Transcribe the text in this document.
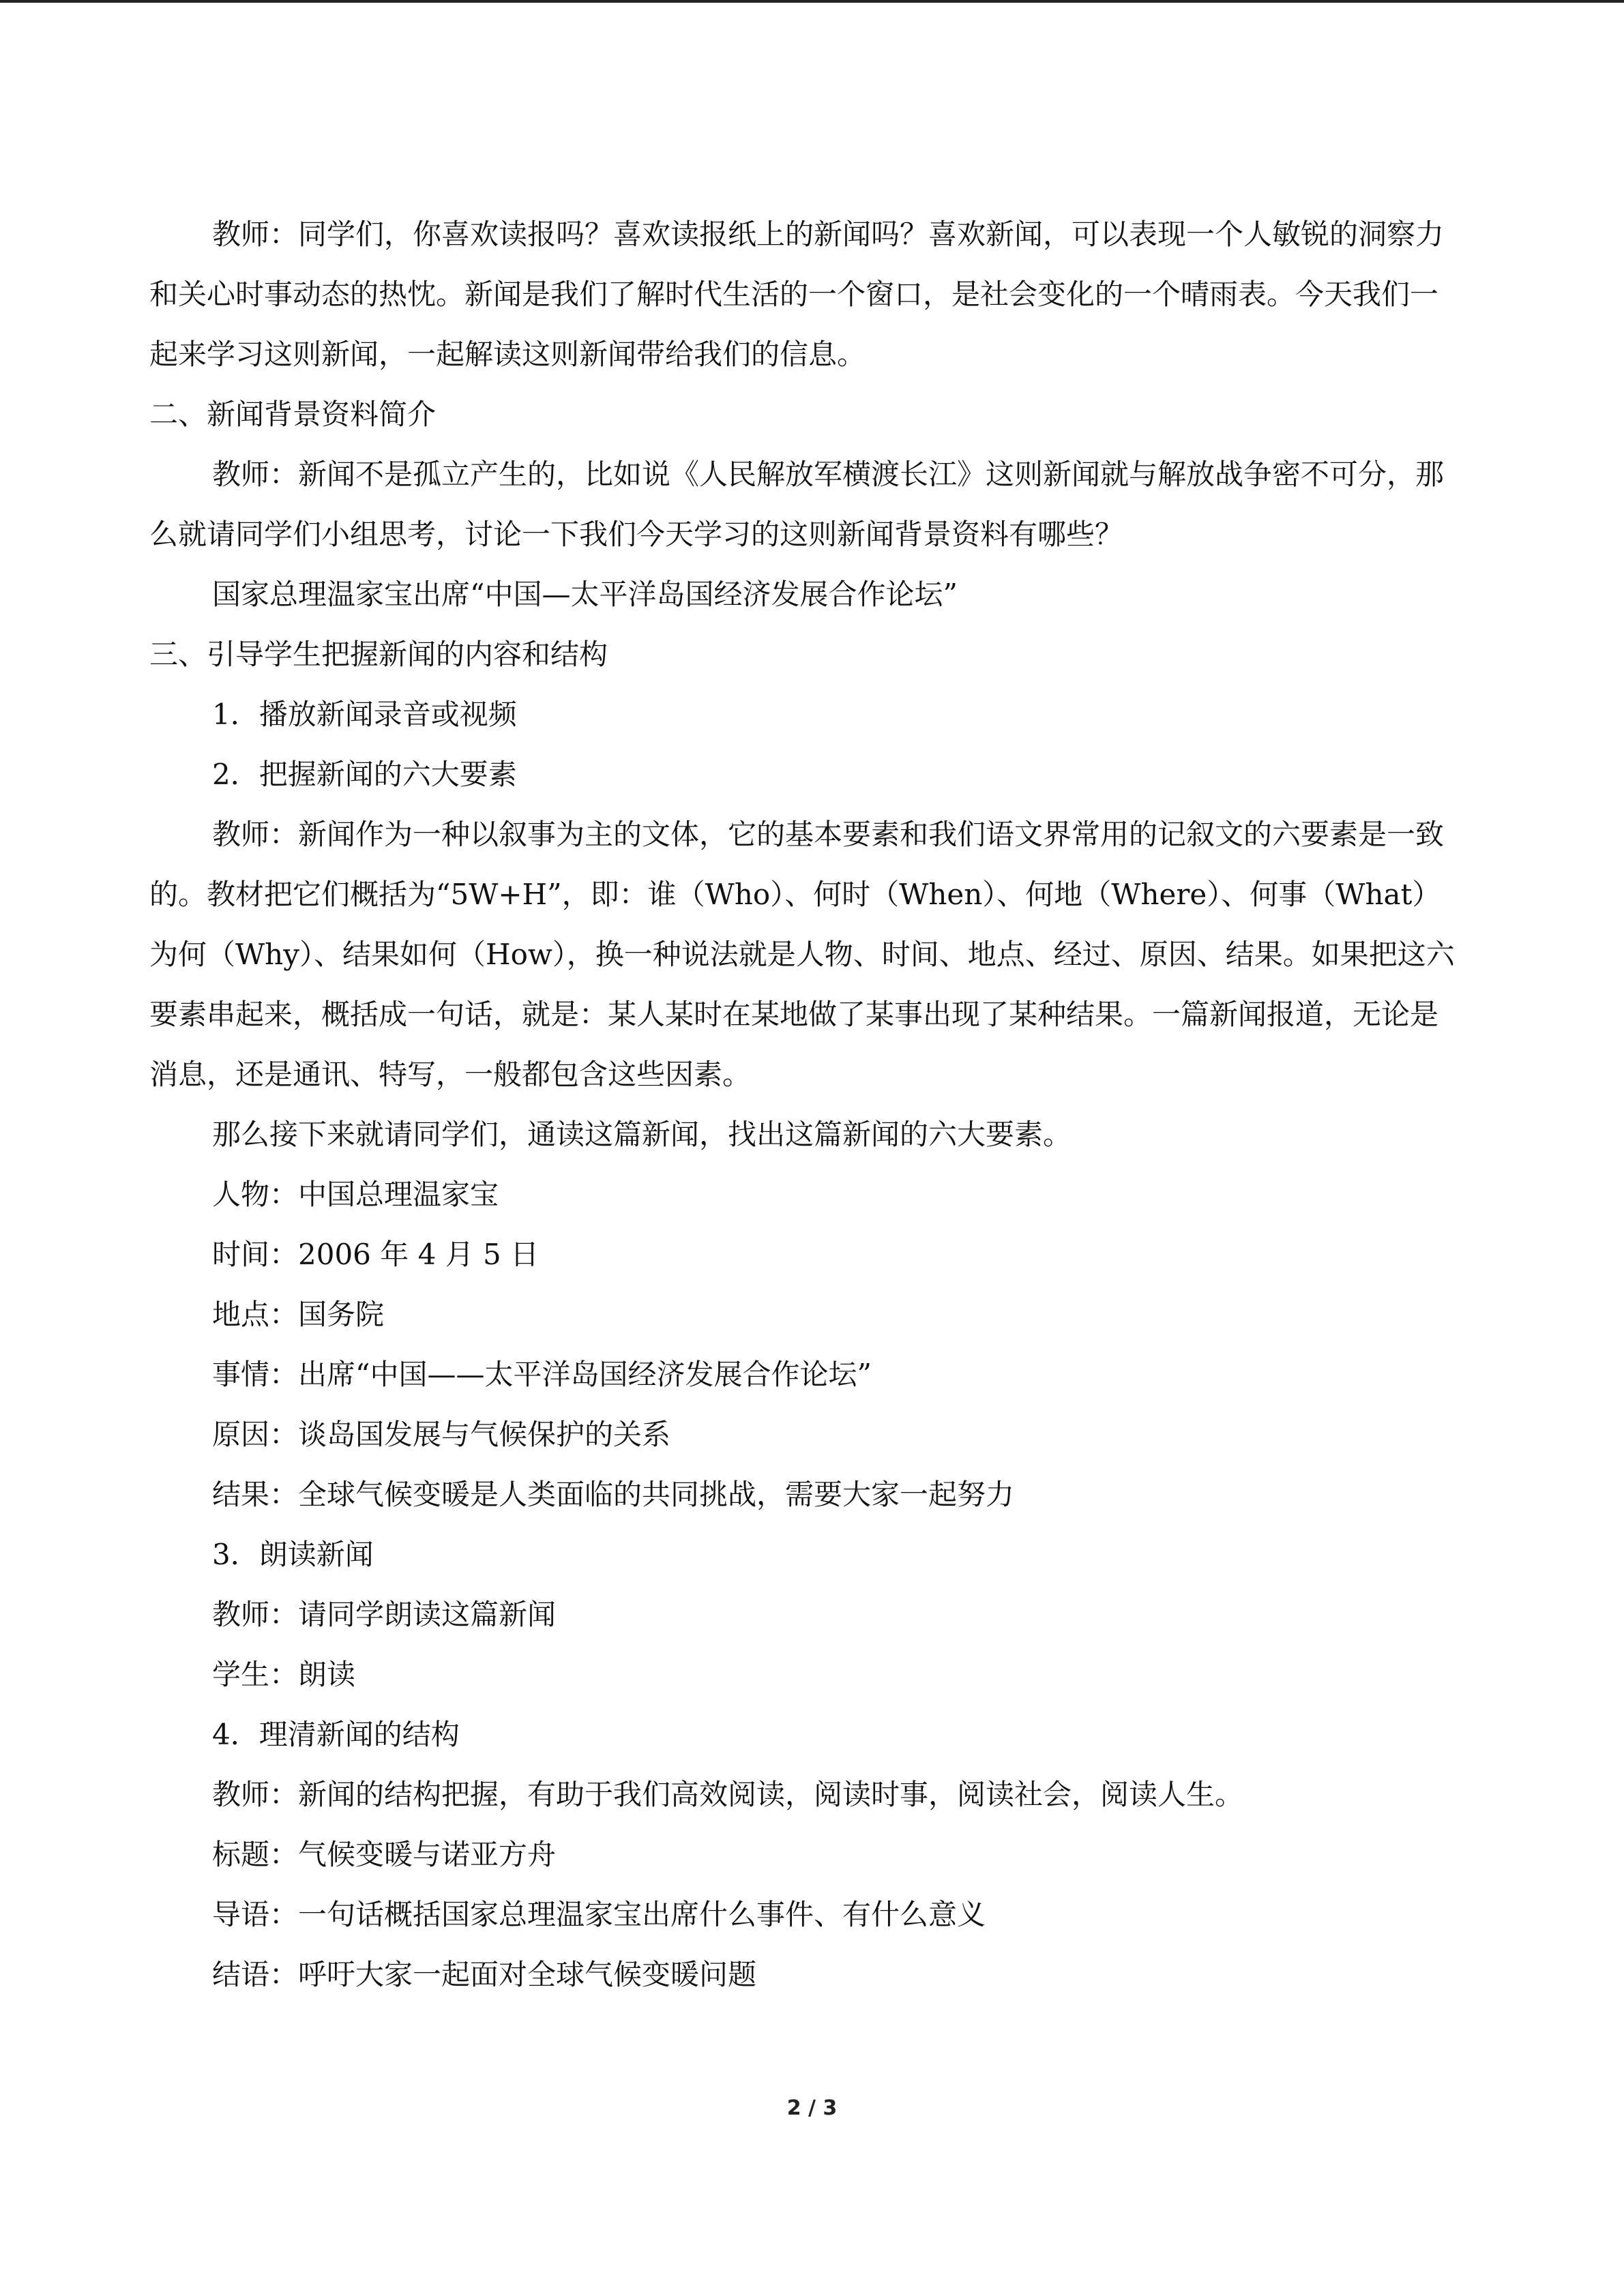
教师：同学们，你喜欢读报吗？喜欢读报纸上的新闻吗？喜欢新闻，可以表现一个人敏锐的洞察力和关心时事动态的热忱。新闻是我们了解时代生活的一个窗口，是社会变化的一个晴雨表。今天我们一起来学习这则新闻，一起解读这则新闻带给我们的信息。

二、新闻背景资料简介

教师：新闻不是孤立产生的，比如说《人民解放军横渡长江》这则新闻就与解放战争密不可分，那么就请同学们小组思考，讨论一下我们今天学习的这则新闻背景资料有哪些？

国家总理温家宝出席“中国—太平洋岛国经济发展合作论坛”

三、引导学生把握新闻的内容和结构

1．播放新闻录音或视频

2．把握新闻的六大要素

教师：新闻作为一种以叙事为主的文体，它的基本要素和我们语文界常用的记叙文的六要素是一致的。教材把它们概括为“5W+H”，即：谁（Who）、何时（When）、何地（Where）、何事（What）为何（Why）、结果如何（How），换一种说法就是人物、时间、地点、经过、原因、结果。如果把这六要素串起来，概括成一句话，就是：某人某时在某地做了某事出现了某种结果。一篇新闻报道，无论是消息，还是通讯、特写，一般都包含这些因素。

那么接下来就请同学们，通读这篇新闻，找出这篇新闻的六大要素。

人物：中国总理温家宝

时间：2006 年 4 月 5 日

地点：国务院

事情：出席“中国——太平洋岛国经济发展合作论坛”

原因：谈岛国发展与气候保护的关系

结果：全球气候变暖是人类面临的共同挑战，需要大家一起努力

3．朗读新闻

教师：请同学朗读这篇新闻

学生：朗读

4．理清新闻的结构

教师：新闻的结构把握，有助于我们高效阅读，阅读时事，阅读社会，阅读人生。

标题：气候变暖与诺亚方舟

导语：一句话概括国家总理温家宝出席什么事件、有什么意义

结语：呼吁大家一起面对全球气候变暖问题

2 / 3
